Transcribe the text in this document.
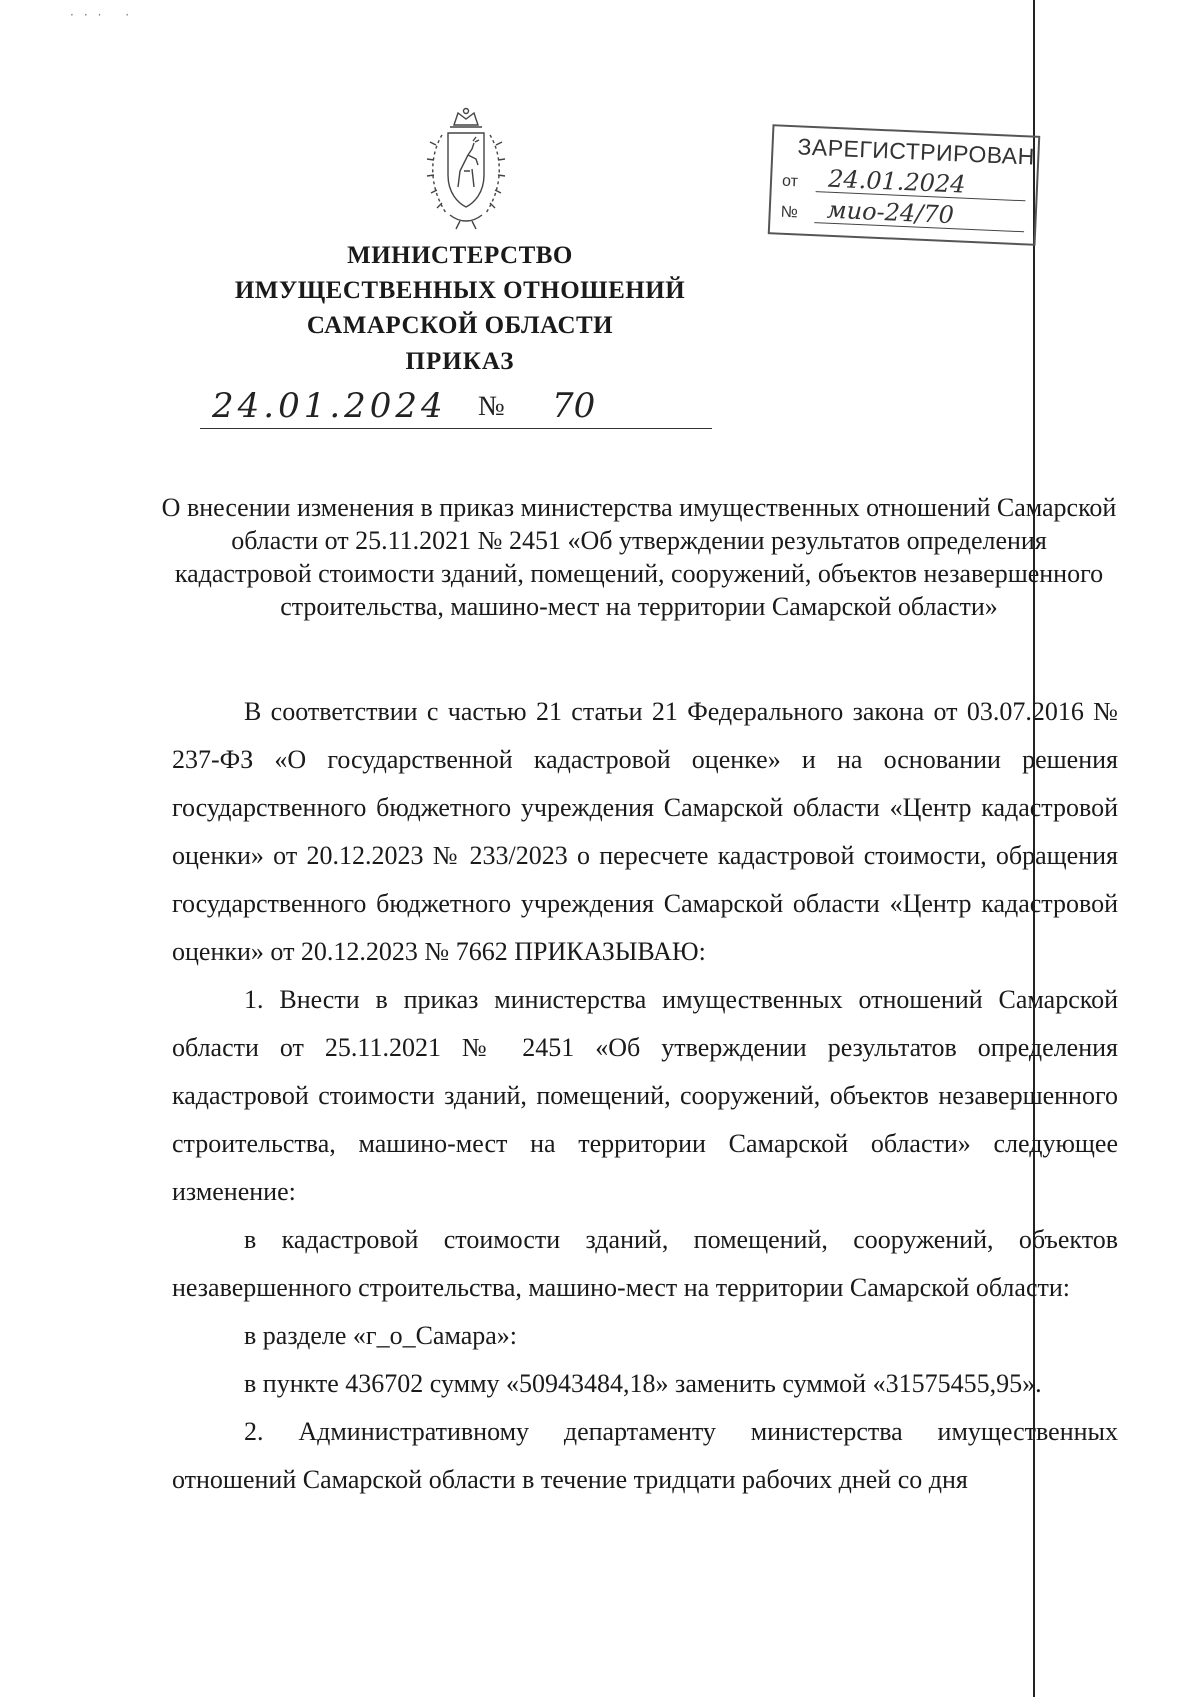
··· ·
ЗАРЕГИСТРИРОВАН
от	24.01.2024
№	мио-24/70
МИНИСТЕРСТВО
ИМУЩЕСТВЕННЫХ ОТНОШЕНИЙ
САМАРСКОЙ ОБЛАСТИ
ПРИКАЗ
24.01.2024 № 70
О внесении изменения в приказ министерства имущественных отношений Самарской области от 25.11.2021 № 2451 «Об утверждении результатов определения кадастровой стоимости зданий, помещений, сооружений, объектов незавершенного строительства, машино-мест на территории Самарской области»

В соответствии с частью 21 статьи 21 Федерального закона от 03.07.2016 № 237-ФЗ «О государственной кадастровой оценке» и на основании решения государственного бюджетного учреждения Самарской области «Центр кадастровой оценки» от 20.12.2023 № 233/2023 о пересчете кадастровой стоимости, обращения государственного бюджетного учреждения Самарской области «Центр кадастровой оценки» от 20.12.2023 № 7662 ПРИКАЗЫВАЮ:

1. Внести в приказ министерства имущественных отношений Самарской области от 25.11.2021 № 2451 «Об утверждении результатов определения кадастровой стоимости зданий, помещений, сооружений, объектов незавершенного строительства, машино-мест на территории Самарской области» следующее изменение:

в кадастровой стоимости зданий, помещений, сооружений, объектов незавершенного строительства, машино-мест на территории Самарской области:

в разделе «г_о_Самара»:

в пункте 436702 сумму «50943484,18» заменить суммой «31575455,95».

2. Административному департаменту министерства имущественных отношений Самарской области в течение тридцати рабочих дней со дня
